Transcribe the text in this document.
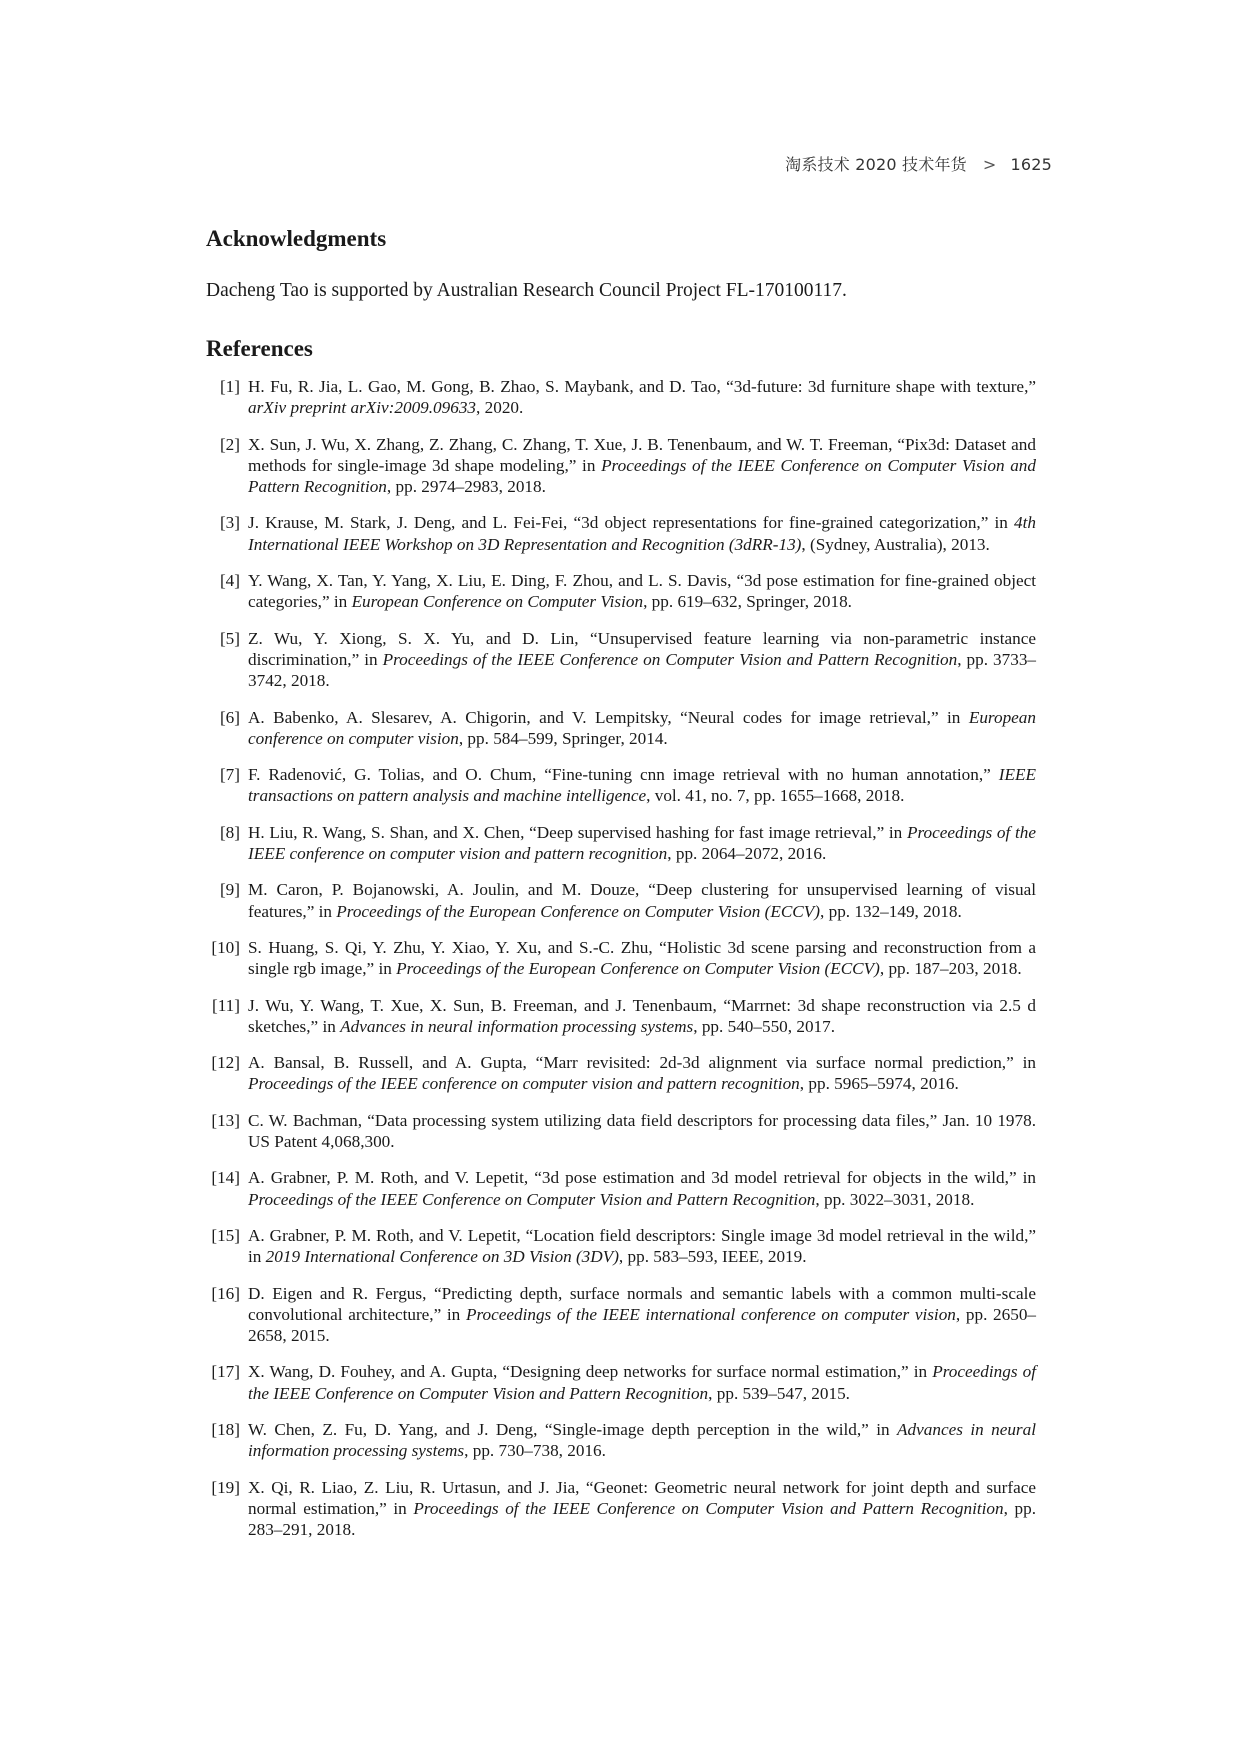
淘系技术 2020 技术年货 > 1625
Acknowledgments

Dacheng Tao is supported by Australian Research Council Project FL-170100117.

References
[1] H. Fu, R. Jia, L. Gao, M. Gong, B. Zhao, S. Maybank, and D. Tao, “3d-future: 3d furniture shape with texture,” arXiv preprint arXiv:2009.09633, 2020.
[2] X. Sun, J. Wu, X. Zhang, Z. Zhang, C. Zhang, T. Xue, J. B. Tenenbaum, and W. T. Freeman, “Pix3d: Dataset and methods for single-image 3d shape modeling,” in Proceedings of the IEEE Conference on Computer Vision and Pattern Recognition, pp. 2974–2983, 2018.
[3] J. Krause, M. Stark, J. Deng, and L. Fei-Fei, “3d object representations for fine-grained categorization,” in 4th International IEEE Workshop on 3D Representation and Recognition (3dRR-13), (Sydney, Australia), 2013.
[4] Y. Wang, X. Tan, Y. Yang, X. Liu, E. Ding, F. Zhou, and L. S. Davis, “3d pose estimation for fine-grained object categories,” in European Conference on Computer Vision, pp. 619–632, Springer, 2018.
[5] Z. Wu, Y. Xiong, S. X. Yu, and D. Lin, “Unsupervised feature learning via non-parametric instance discrimination,” in Proceedings of the IEEE Conference on Computer Vision and Pattern Recognition, pp. 3733–3742, 2018.
[6] A. Babenko, A. Slesarev, A. Chigorin, and V. Lempitsky, “Neural codes for image retrieval,” in European conference on computer vision, pp. 584–599, Springer, 2014.
[7] F. Radenović, G. Tolias, and O. Chum, “Fine-tuning cnn image retrieval with no human annotation,” IEEE transactions on pattern analysis and machine intelligence, vol. 41, no. 7, pp. 1655–1668, 2018.
[8] H. Liu, R. Wang, S. Shan, and X. Chen, “Deep supervised hashing for fast image retrieval,” in Proceedings of the IEEE conference on computer vision and pattern recognition, pp. 2064–2072, 2016.
[9] M. Caron, P. Bojanowski, A. Joulin, and M. Douze, “Deep clustering for unsupervised learning of visual features,” in Proceedings of the European Conference on Computer Vision (ECCV), pp. 132–149, 2018.
[10] S. Huang, S. Qi, Y. Zhu, Y. Xiao, Y. Xu, and S.-C. Zhu, “Holistic 3d scene parsing and reconstruction from a single rgb image,” in Proceedings of the European Conference on Computer Vision (ECCV), pp. 187–203, 2018.
[11] J. Wu, Y. Wang, T. Xue, X. Sun, B. Freeman, and J. Tenenbaum, “Marrnet: 3d shape reconstruction via 2.5 d sketches,” in Advances in neural information processing systems, pp. 540–550, 2017.
[12] A. Bansal, B. Russell, and A. Gupta, “Marr revisited: 2d-3d alignment via surface normal prediction,” in Proceedings of the IEEE conference on computer vision and pattern recognition, pp. 5965–5974, 2016.
[13] C. W. Bachman, “Data processing system utilizing data field descriptors for processing data files,” Jan. 10 1978. US Patent 4,068,300.
[14] A. Grabner, P. M. Roth, and V. Lepetit, “3d pose estimation and 3d model retrieval for objects in the wild,” in Proceedings of the IEEE Conference on Computer Vision and Pattern Recognition, pp. 3022–3031, 2018.
[15] A. Grabner, P. M. Roth, and V. Lepetit, “Location field descriptors: Single image 3d model retrieval in the wild,” in 2019 International Conference on 3D Vision (3DV), pp. 583–593, IEEE, 2019.
[16] D. Eigen and R. Fergus, “Predicting depth, surface normals and semantic labels with a common multi-scale convolutional architecture,” in Proceedings of the IEEE international conference on computer vision, pp. 2650–2658, 2015.
[17] X. Wang, D. Fouhey, and A. Gupta, “Designing deep networks for surface normal estimation,” in Proceedings of the IEEE Conference on Computer Vision and Pattern Recognition, pp. 539–547, 2015.
[18] W. Chen, Z. Fu, D. Yang, and J. Deng, “Single-image depth perception in the wild,” in Advances in neural information processing systems, pp. 730–738, 2016.
[19] X. Qi, R. Liao, Z. Liu, R. Urtasun, and J. Jia, “Geonet: Geometric neural network for joint depth and surface normal estimation,” in Proceedings of the IEEE Conference on Computer Vision and Pattern Recognition, pp. 283–291, 2018.
